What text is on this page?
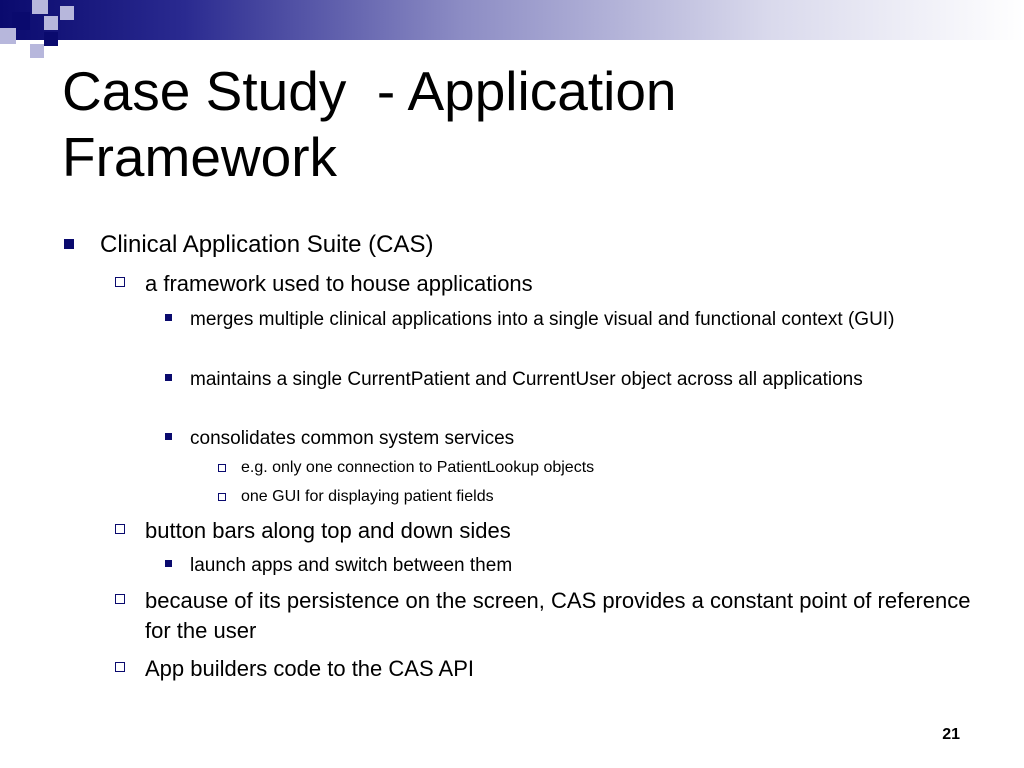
Case Study  - Application
Framework
Clinical Application Suite (CAS)
a framework used to house applications
merges multiple clinical applications into a single visual and functional context (GUI)
maintains a single CurrentPatient and CurrentUser object across all applications
consolidates common system services
e.g. only one connection to PatientLookup objects
one GUI for displaying patient fields
button bars along top and down sides
launch apps and switch between them
because of its persistence on the screen, CAS provides a constant point of reference for the user
App builders code to the CAS API
21
